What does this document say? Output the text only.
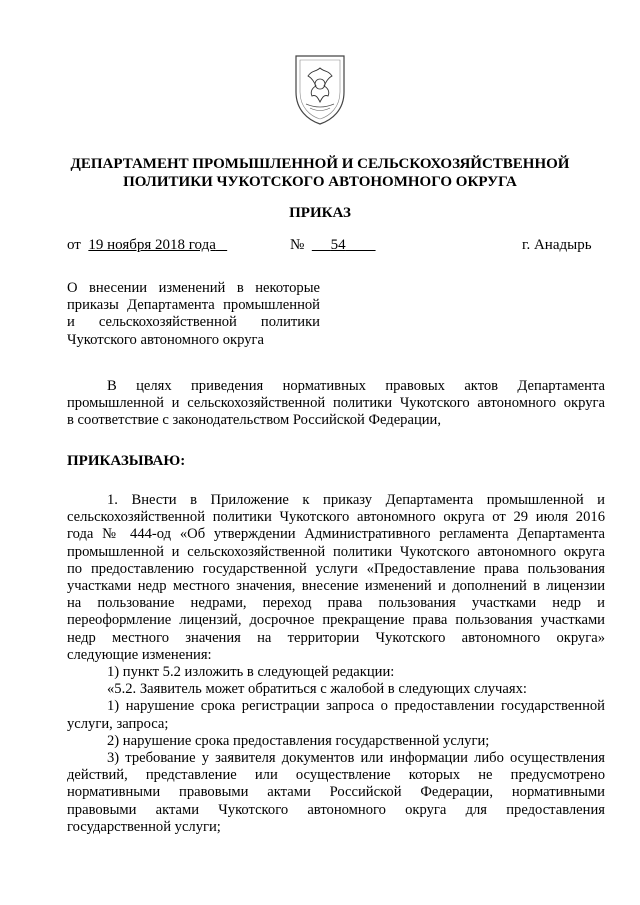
ДЕПАРТАМЕНТ ПРОМЫШЛЕННОЙ И СЕЛЬСКОХОЗЯЙСТВЕННОЙ
ПОЛИТИКИ ЧУКОТСКОГО АВТОНОМНОГО ОКРУГА
ПРИКАЗ
от 19 ноября 2018 года	№ 54	г. Анадырь
О внесении изменений в некоторые
приказы Департамента промышленной
и сельскохозяйственной политики
Чукотского автономного округа
В целях приведения нормативных правовых актов Департамента
промышленной и сельскохозяйственной политики Чукотского автономного округа
в соответствие с законодательством Российской Федерации,
ПРИКАЗЫВАЮ:
1. Внести в Приложение к приказу Департамента промышленной и
сельскохозяйственной политики Чукотского автономного округа от 29 июля 2016
года № 444-од «Об утверждении Административного регламента Департамента
промышленной и сельскохозяйственной политики Чукотского автономного округа
по предоставлению государственной услуги «Предоставление права пользования
участками недр местного значения, внесение изменений и дополнений в лицензии
на пользование недрами, переход права пользования участками недр и
переоформление лицензий, досрочное прекращение права пользования участками
недр местного значения на территории Чукотского автономного округа»
следующие изменения:
1) пункт 5.2 изложить в следующей редакции:
«5.2. Заявитель может обратиться с жалобой в следующих случаях:
1) нарушение срока регистрации запроса о предоставлении государственной
услуги, запроса;
2) нарушение срока предоставления государственной услуги;
3) требование у заявителя документов или информации либо осуществления
действий, представление или осуществление которых не предусмотрено
нормативными правовыми актами Российской Федерации, нормативными
правовыми актами Чукотского автономного округа для предоставления
государственной услуги;
